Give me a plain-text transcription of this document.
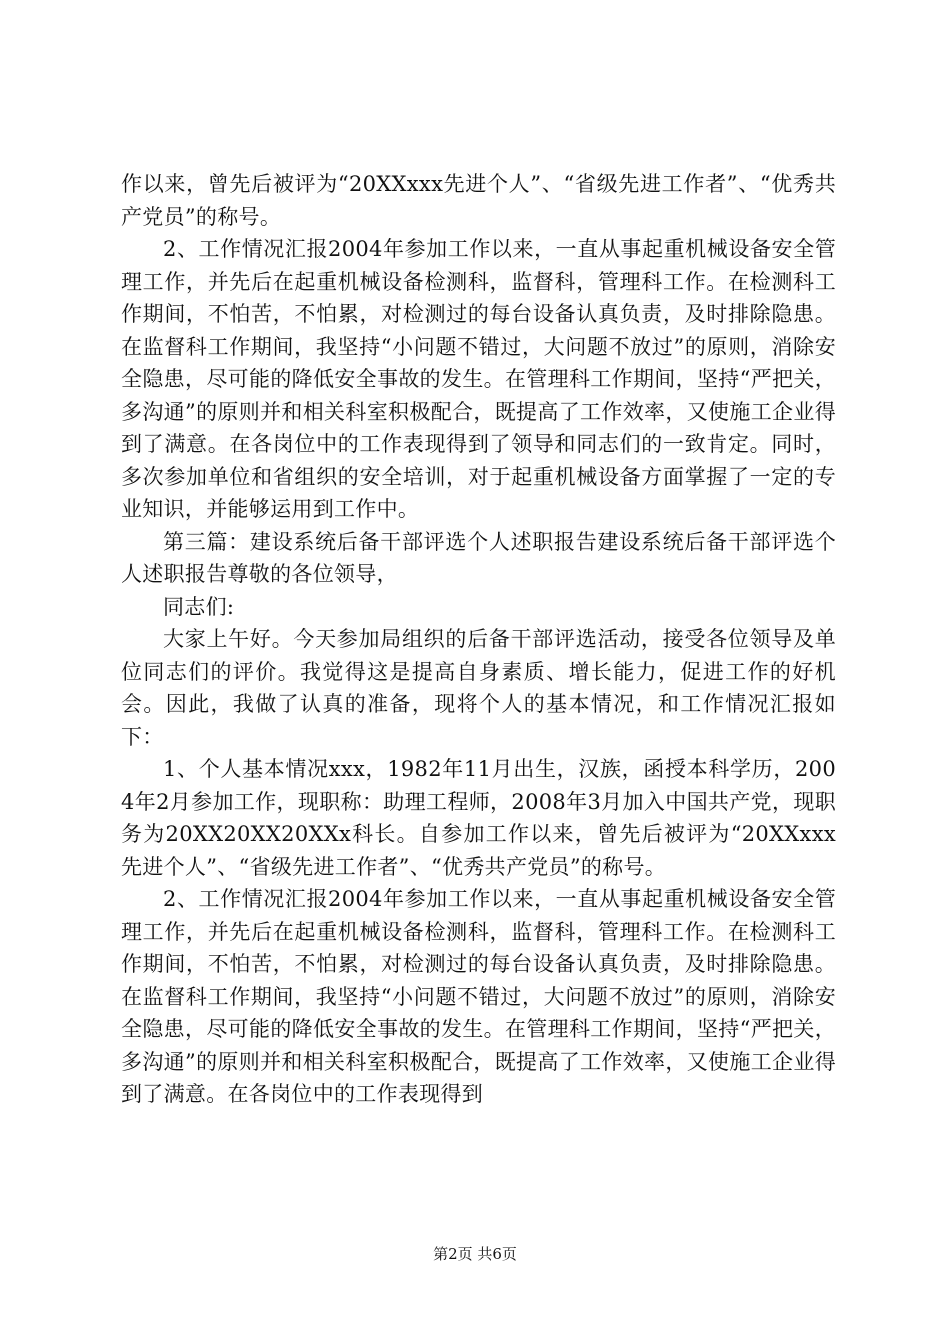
作以来，曾先后被评为“20XXxxx先进个人”、“省级先进工作者”、“优秀共产党员”的称号。

2、工作情况汇报2004年参加工作以来，一直从事起重机械设备安全管理工作，并先后在起重机械设备检测科，监督科，管理科工作。在检测科工作期间，不怕苦，不怕累，对检测过的每台设备认真负责，及时排除隐患。在监督科工作期间，我坚持“小问题不错过，大问题不放过”的原则，消除安全隐患，尽可能的降低安全事故的发生。在管理科工作期间，坚持“严把关，多沟通”的原则并和相关科室积极配合，既提高了工作效率，又使施工企业得到了满意。在各岗位中的工作表现得到了领导和同志们的一致肯定。同时，多次参加单位和省组织的安全培训，对于起重机械设备方面掌握了一定的专业知识，并能够运用到工作中。

第三篇：建设系统后备干部评选个人述职报告建设系统后备干部评选个人述职报告尊敬的各位领导，

同志们:

大家上午好。今天参加局组织的后备干部评选活动，接受各位领导及单位同志们的评价。我觉得这是提高自身素质、增长能力，促进工作的好机会。因此，我做了认真的准备，现将个人的基本情况，和工作情况汇报如下：

1、个人基本情况xxx，1982年11月出生，汉族，函授本科学历，2004年2月参加工作，现职称：助理工程师，2008年3月加入中国共产党，现职务为20XX20XX20XXx科长。自参加工作以来，曾先后被评为“20XXxxx先进个人”、“省级先进工作者”、“优秀共产党员”的称号。

2、工作情况汇报2004年参加工作以来，一直从事起重机械设备安全管理工作，并先后在起重机械设备检测科，监督科，管理科工作。在检测科工作期间，不怕苦，不怕累，对检测过的每台设备认真负责，及时排除隐患。在监督科工作期间，我坚持“小问题不错过，大问题不放过”的原则，消除安全隐患，尽可能的降低安全事故的发生。在管理科工作期间，坚持“严把关，多沟通”的原则并和相关科室积极配合，既提高了工作效率，又使施工企业得到了满意。在各岗位中的工作表现得到

第2页 共6页
